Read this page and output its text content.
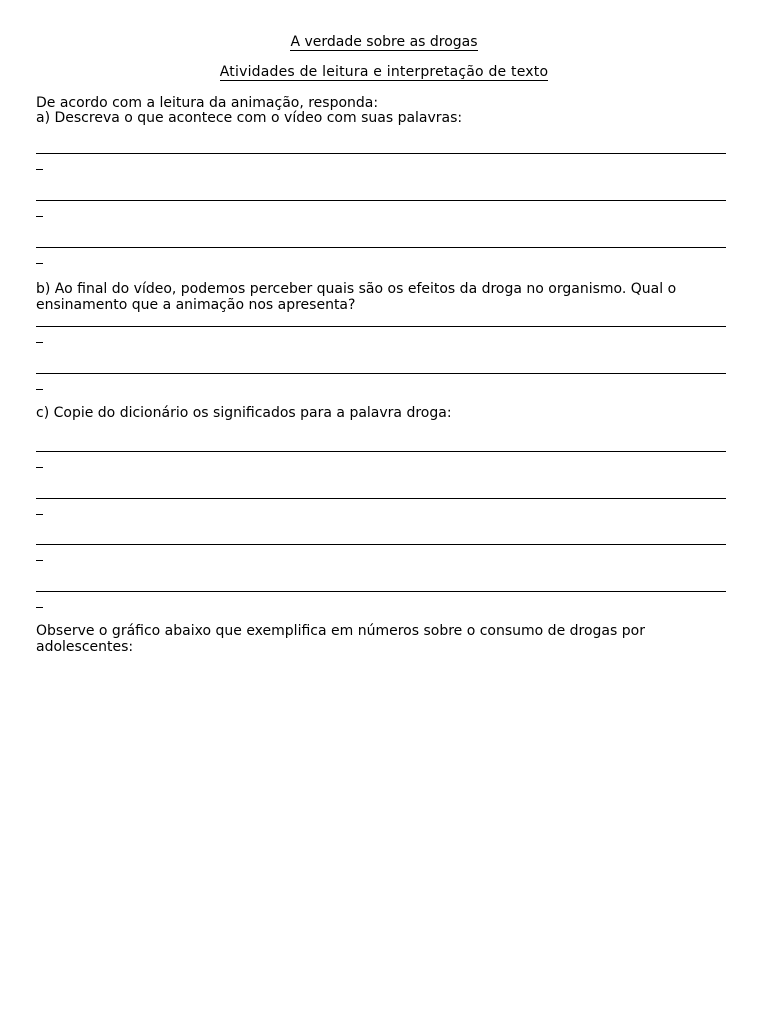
A verdade sobre as drogas
Atividades de leitura e interpretação de texto
De acordo com a leitura da animação, responda:
a) Descreva o que acontece com o vídeo com suas palavras:
b) Ao final do vídeo, podemos perceber quais são os efeitos da droga no organismo. Qual o
ensinamento que a animação nos apresenta?
c) Copie do dicionário os significados para a palavra droga:
Observe o gráfico abaixo que exemplifica em números sobre o consumo de drogas por
adolescentes:
